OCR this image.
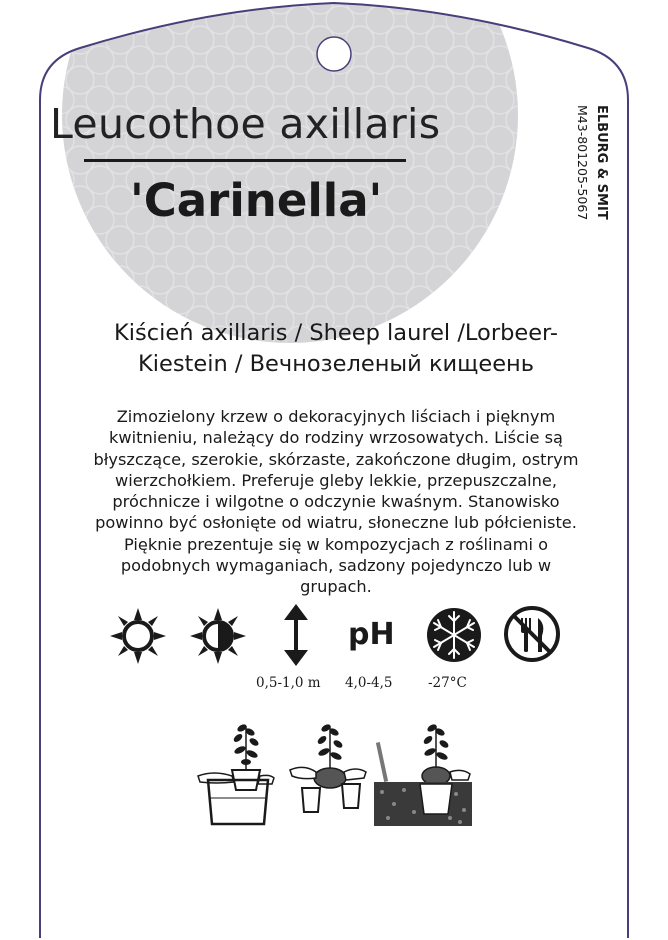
Leucothoe axillaris
'Carinella'	ELBURG & SMIT
M43-801205-5067
Kiścień axillaris / Sheep laurel /Lorbeer-
Kiestein / Вечнозеленый кищеень
Zimozielony krzew o dekoracyjnych liściach i pięknym
kwitnieniu, należący do rodziny wrzosowatych. Liście są
błyszczące, szerokie, skórzaste, zakończone długim, ostrym
wierzchołkiem. Preferuje gleby lekkie, przepuszczalne,
próchnicze i wilgotne o odczynie kwaśnym. Stanowisko
powinno być osłonięte od wiatru, słoneczne lub półcieniste.
Pięknie prezentuje się w kompozycjach z roślinami o
podobnych wymaganiach, sadzony pojedynczo lub w
grupach.
pH
0,5-1,0 m 4,0-4,5	-27°C
